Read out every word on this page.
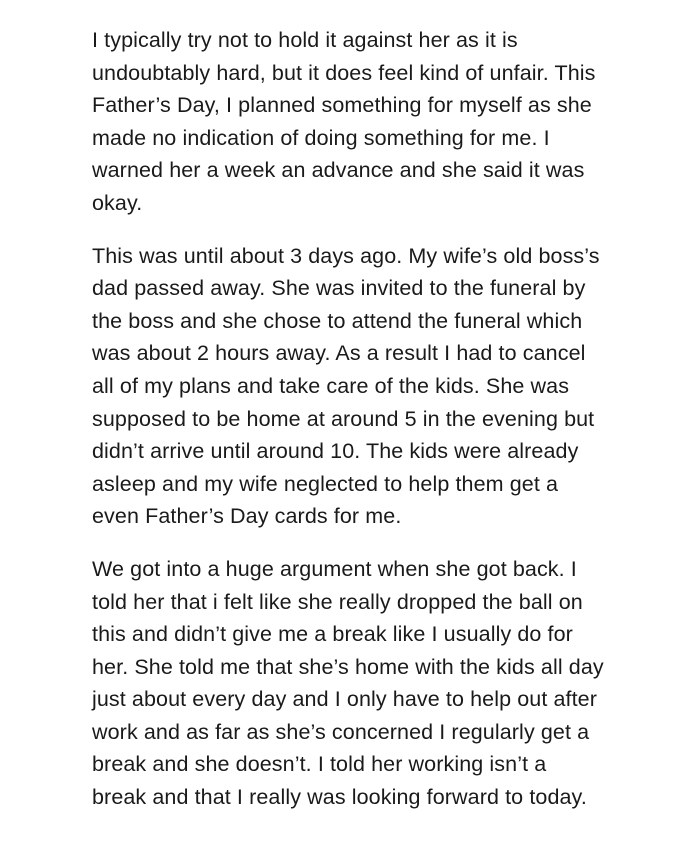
I typically try not to hold it against her as it is
undoubtably hard, but it does feel kind of unfair. This
Father’s Day, I planned something for myself as she
made no indication of doing something for me. I
warned her a week an advance and she said it was
okay.

This was until about 3 days ago. My wife’s old boss’s
dad passed away. She was invited to the funeral by
the boss and she chose to attend the funeral which
was about 2 hours away. As a result I had to cancel
all of my plans and take care of the kids. She was
supposed to be home at around 5 in the evening but
didn’t arrive until around 10. The kids were already
asleep and my wife neglected to help them get a
even Father’s Day cards for me.

We got into a huge argument when she got back. I
told her that i felt like she really dropped the ball on
this and didn’t give me a break like I usually do for
her. She told me that she’s home with the kids all day
just about every day and I only have to help out after
work and as far as she’s concerned I regularly get a
break and she doesn’t. I told her working isn’t a
break and that I really was looking forward to today.
